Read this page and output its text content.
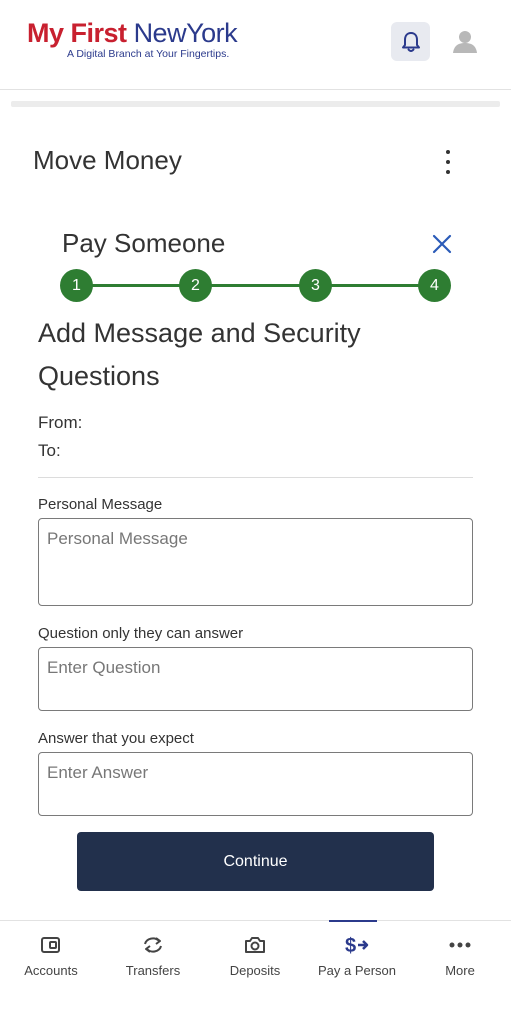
My First NewYork
A Digital Branch at Your Fingertips.
Move Money
Pay Someone
1	2	3	4
Add Message and Security Questions
From:
To:
Personal Message
Personal Message
Question only they can answer
Enter Question
Answer that you expect
Enter Answer
Continue
Accounts	Transfers	Deposits
$
Pay a Person	More
